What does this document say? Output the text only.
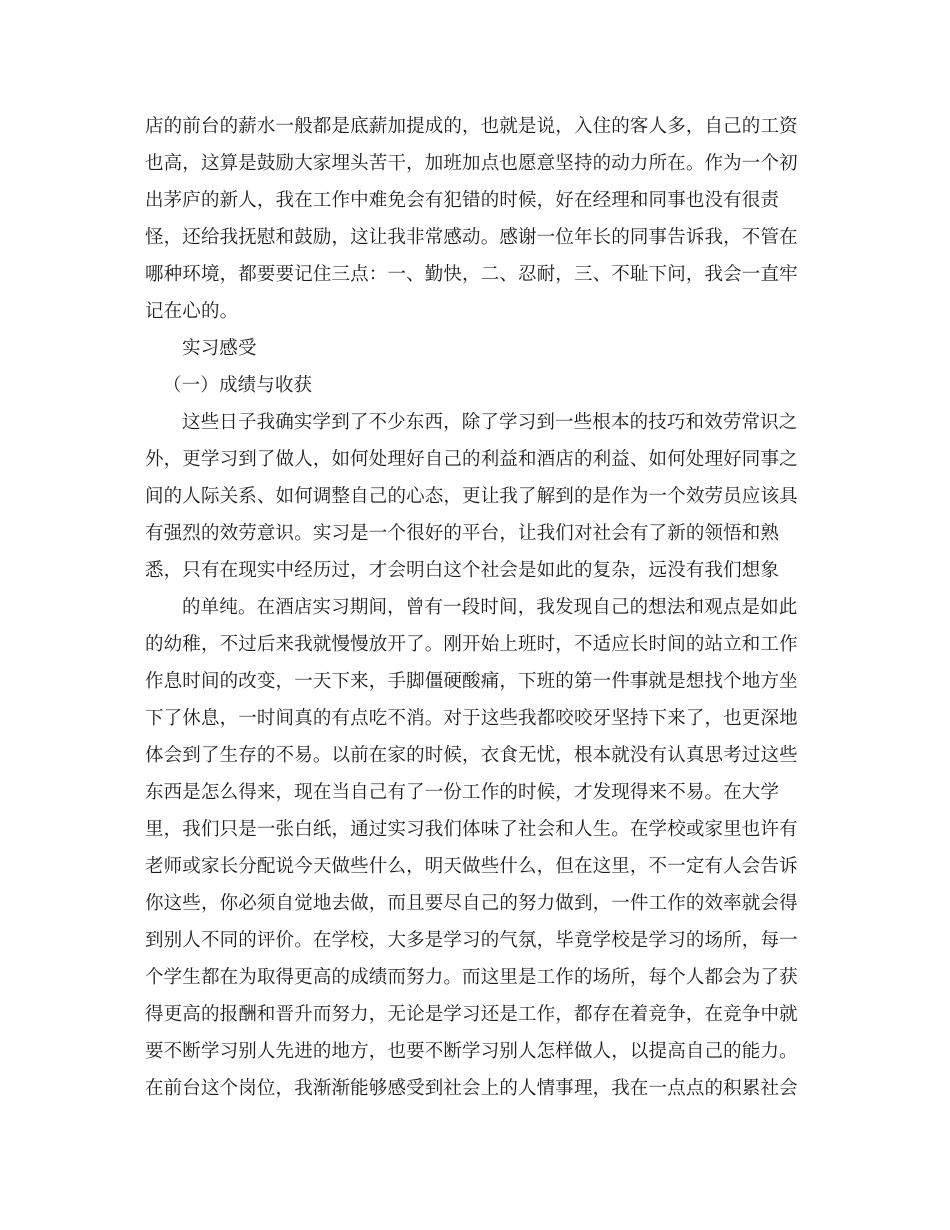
店的前台的薪水一般都是底薪加提成的，也就是说，入住的客人多，自己的工资
也高，这算是鼓励大家埋头苦干，加班加点也愿意坚持的动力所在。作为一个初
出茅庐的新人，我在工作中难免会有犯错的时候，好在经理和同事也没有很责
怪，还给我抚慰和鼓励，这让我非常感动。感谢一位年长的同事告诉我，不管在
哪种环境，都要要记住三点：一、勤快，二、忍耐，三、不耻下问，我会一直牢
记在心的。
实习感受
（一）成绩与收获
这些日子我确实学到了不少东西，除了学习到一些根本的技巧和效劳常识之
外，更学习到了做人，如何处理好自己的利益和酒店的利益、如何处理好同事之
间的人际关系、如何调整自己的心态，更让我了解到的是作为一个效劳员应该具
有强烈的效劳意识。实习是一个很好的平台，让我们对社会有了新的领悟和熟
悉，只有在现实中经历过，才会明白这个社会是如此的复杂，远没有我们想象
的单纯。在酒店实习期间，曾有一段时间，我发现自己的想法和观点是如此
的幼稚，不过后来我就慢慢放开了。刚开始上班时，不适应长时间的站立和工作
作息时间的改变，一天下来，手脚僵硬酸痛，下班的第一件事就是想找个地方坐
下了休息，一时间真的有点吃不消。对于这些我都咬咬牙坚持下来了，也更深地
体会到了生存的不易。以前在家的时候，衣食无忧，根本就没有认真思考过这些
东西是怎么得来，现在当自己有了一份工作的时候，才发现得来不易。在大学
里，我们只是一张白纸，通过实习我们体味了社会和人生。在学校或家里也许有
老师或家长分配说今天做些什么，明天做些什么，但在这里，不一定有人会告诉
你这些，你必须自觉地去做，而且要尽自己的努力做到，一件工作的效率就会得
到别人不同的评价。在学校，大多是学习的气氛，毕竟学校是学习的场所，每一
个学生都在为取得更高的成绩而努力。而这里是工作的场所，每个人都会为了获
得更高的报酬和晋升而努力，无论是学习还是工作，都存在着竞争，在竞争中就
要不断学习别人先进的地方，也要不断学习别人怎样做人，以提高自己的能力。
在前台这个岗位，我渐渐能够感受到社会上的人情事理，我在一点点的积累社会
